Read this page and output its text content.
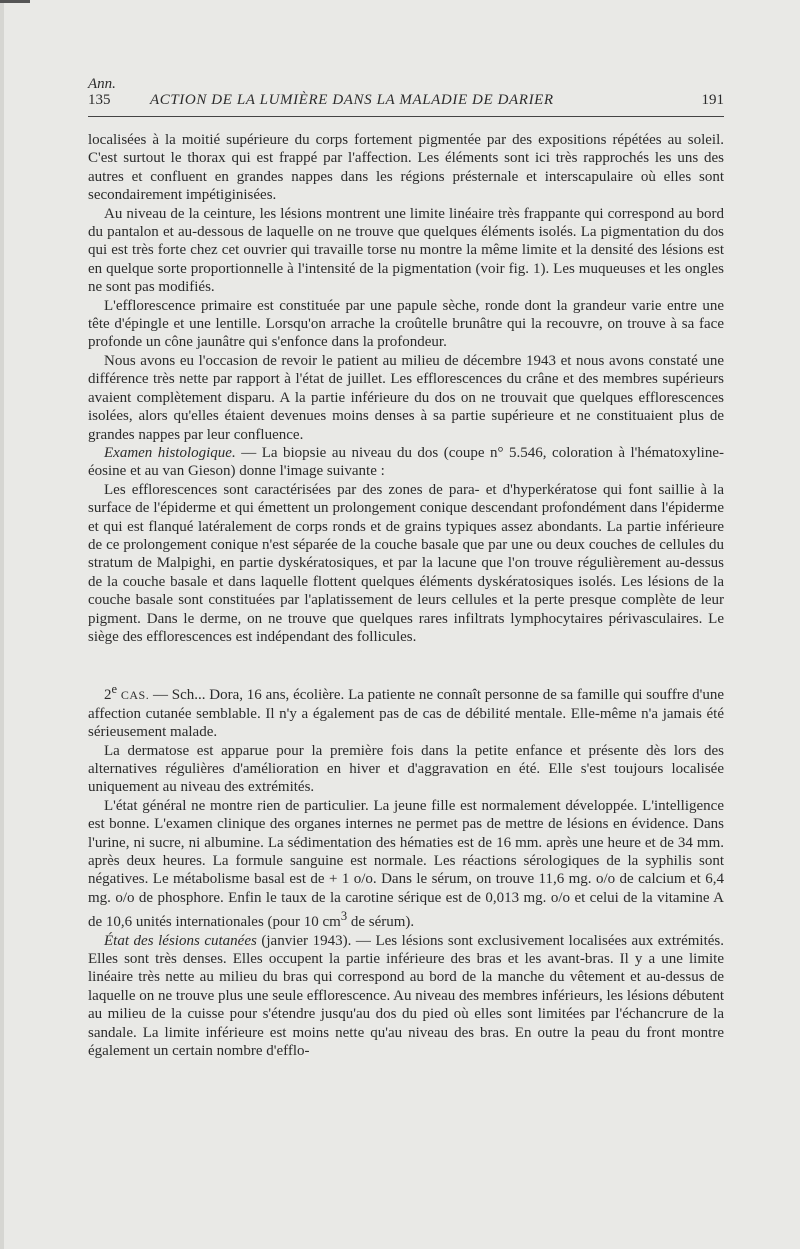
Ann.
135	ACTION DE LA LUMIÈRE DANS LA MALADIE DE DARIER	191

localisées à la moitié supérieure du corps fortement pigmentée par des expositions répétées au soleil. C'est surtout le thorax qui est frappé par l'affection. Les éléments sont ici très rapprochés les uns des autres et confluent en grandes nappes dans les régions présternale et interscapulaire où elles sont secondairement impétiginisées.

Au niveau de la ceinture, les lésions montrent une limite linéaire très frappante qui correspond au bord du pantalon et au-dessous de laquelle on ne trouve que quelques éléments isolés. La pigmentation du dos qui est très forte chez cet ouvrier qui travaille torse nu montre la même limite et la densité des lésions est en quelque sorte proportionnelle à l'intensité de la pigmentation (voir fig. 1). Les muqueuses et les ongles ne sont pas modifiés.

L'efflorescence primaire est constituée par une papule sèche, ronde dont la grandeur varie entre une tête d'épingle et une lentille. Lorsqu'on arrache la croûtelle brunâtre qui la recouvre, on trouve à sa face profonde un cône jaunâtre qui s'enfonce dans la profondeur.

Nous avons eu l'occasion de revoir le patient au milieu de décembre 1943 et nous avons constaté une différence très nette par rapport à l'état de juillet. Les efflorescences du crâne et des membres supérieurs avaient complètement disparu. A la partie inférieure du dos on ne trouvait que quelques efflorescences isolées, alors qu'elles étaient devenues moins denses à sa partie supérieure et ne constituaient plus de grandes nappes par leur confluence.

Examen histologique. — La biopsie au niveau du dos (coupe n° 5.546, coloration à l'hématoxyline-éosine et au van Gieson) donne l'image suivante :

Les efflorescences sont caractérisées par des zones de para- et d'hyperkératose qui font saillie à la surface de l'épiderme et qui émettent un prolongement conique descendant profondément dans l'épiderme et qui est flanqué latéralement de corps ronds et de grains typiques assez abondants. La partie inférieure de ce prolongement conique n'est séparée de la couche basale que par une ou deux couches de cellules du stratum de Malpighi, en partie dyskératosiques, et par la lacune que l'on trouve régulièrement au-dessus de la couche basale et dans laquelle flottent quelques éléments dyskératosiques isolés. Les lésions de la couche basale sont constituées par l'aplatissement de leurs cellules et la perte presque complète de leur pigment. Dans le derme, on ne trouve que quelques rares infiltrats lymphocytaires périvasculaires. Le siège des efflorescences est indépendant des follicules.

2e CAS. — Sch... Dora, 16 ans, écolière. La patiente ne connaît personne de sa famille qui souffre d'une affection cutanée semblable. Il n'y a également pas de cas de débilité mentale. Elle-même n'a jamais été sérieusement malade.

La dermatose est apparue pour la première fois dans la petite enfance et présente dès lors des alternatives régulières d'amélioration en hiver et d'aggravation en été. Elle s'est toujours localisée uniquement au niveau des extrémités.

L'état général ne montre rien de particulier. La jeune fille est normalement développée. L'intelligence est bonne. L'examen clinique des organes internes ne permet pas de mettre de lésions en évidence. Dans l'urine, ni sucre, ni albumine. La sédimentation des hématies est de 16 mm. après une heure et de 34 mm. après deux heures. La formule sanguine est normale. Les réactions sérologiques de la syphilis sont négatives. Le métabolisme basal est de + 1 o/o. Dans le sérum, on trouve 11,6 mg. o/o de calcium et 6,4 mg. o/o de phosphore. Enfin le taux de la carotine sérique est de 0,013 mg. o/o et celui de la vitamine A de 10,6 unités internationales (pour 10 $cm^3$ de sérum).

État des lésions cutanées (janvier 1943). — Les lésions sont exclusivement localisées aux extrémités. Elles sont très denses. Elles occupent la partie inférieure des bras et les avant-bras. Il y a une limite linéaire très nette au milieu du bras qui correspond au bord de la manche du vêtement et au-dessus de laquelle on ne trouve plus une seule efflorescence. Au niveau des membres inférieurs, les lésions débutent au milieu de la cuisse pour s'étendre jusqu'au dos du pied où elles sont limitées par l'échancrure de la sandale. La limite inférieure est moins nette qu'au niveau des bras. En outre la peau du front montre également un certain nombre d'efflo-
